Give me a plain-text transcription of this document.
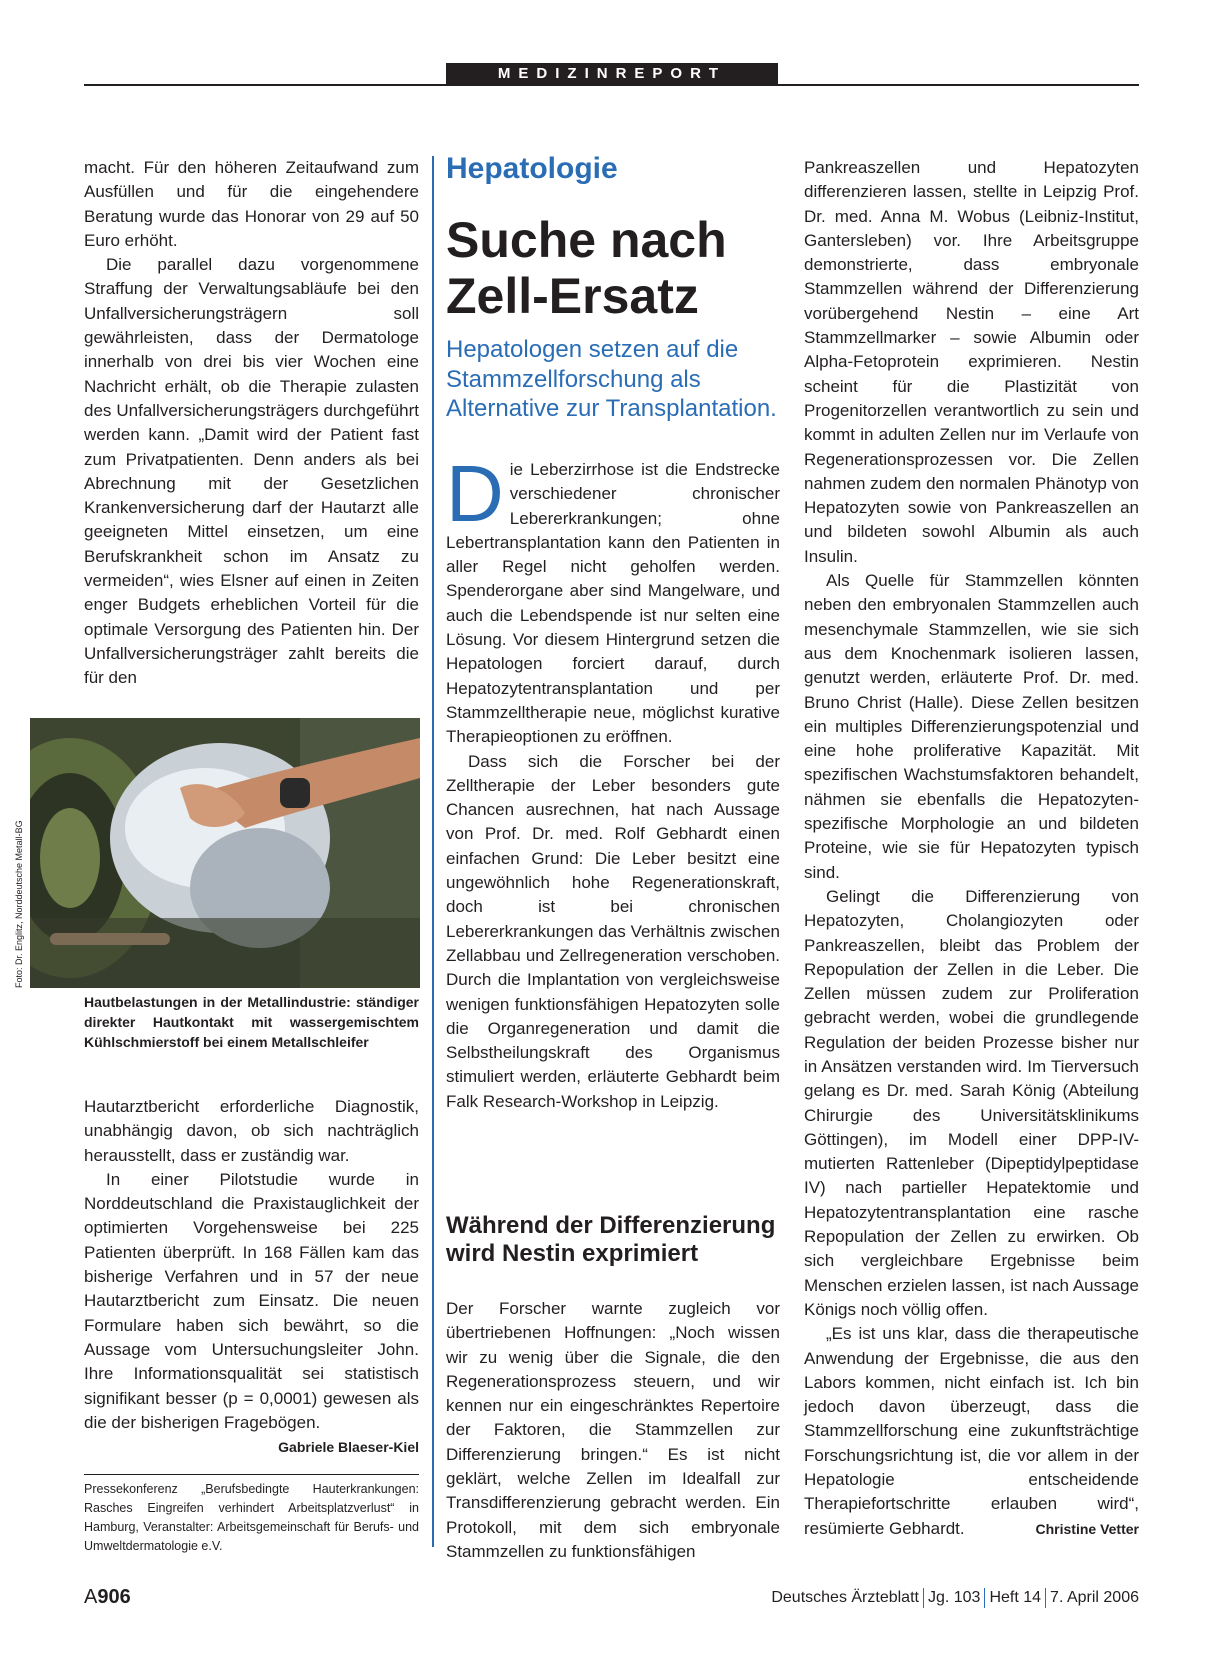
MEDIZINREPORT

macht. Für den höheren Zeitaufwand zum Ausfüllen und für die eingehendere Beratung wurde das Honorar von 29 auf 50 Euro erhöht.

Die parallel dazu vorgenommene Straffung der Verwaltungsabläufe bei den Unfallversicherungsträgern soll gewährleisten, dass der Dermatologe innerhalb von drei bis vier Wochen eine Nachricht erhält, ob die Therapie zulasten des Unfallversicherungsträgers durchgeführt werden kann. „Damit wird der Patient fast zum Privatpatienten. Denn anders als bei Abrechnung mit der Gesetzlichen Krankenversicherung darf der Hautarzt alle geeigneten Mittel einsetzen, um eine Berufskrankheit schon im Ansatz zu vermeiden“, wies Elsner auf einen in Zeiten enger Budgets erheblichen Vorteil für die optimale Versorgung des Patienten hin. Der Unfallversicherungsträger zahlt bereits die für den

Foto: Dr. Englitz, Norddeutsche Metall-BG
Hautbelastungen in der Metallindustrie: ständiger direkter Hautkontakt mit wassergemischtem Kühlschmierstoff bei einem Metallschleifer

Hautarztbericht erforderliche Diagnostik, unabhängig davon, ob sich nachträglich herausstellt, dass er zuständig war.

In einer Pilotstudie wurde in Norddeutschland die Praxistauglichkeit der optimierten Vorgehensweise bei 225 Patienten überprüft. In 168 Fällen kam das bisherige Verfahren und in 57 der neue Hautarztbericht zum Einsatz. Die neuen Formulare haben sich bewährt, so die Aussage vom Untersuchungsleiter John. Ihre Informationsqualität sei statistisch signifikant besser (p = 0,0001) gewesen als die der bisherigen Fragebögen.
Gabriele Blaeser-Kiel

Pressekonferenz „Berufsbedingte Hauterkrankungen: Rasches Eingreifen verhindert Arbeitsplatzverlust“ in Hamburg, Veranstalter: Arbeitsgemeinschaft für Berufs- und Umweltdermatologie e.V.
Hepatologie
Suche nach Zell-Ersatz
Hepatologen setzen auf die Stammzellforschung als Alternative zur Transplantation.

Die Leberzirrhose ist die Endstrecke verschiedener chronischer Lebererkrankungen; ohne Lebertransplantation kann den Patienten in aller Regel nicht geholfen werden. Spenderorgane aber sind Mangelware, und auch die Lebendspende ist nur selten eine Lösung. Vor diesem Hintergrund setzen die Hepatologen forciert darauf, durch Hepatozytentransplantation und per Stammzelltherapie neue, möglichst kurative Therapieoptionen zu eröffnen.

Dass sich die Forscher bei der Zelltherapie der Leber besonders gute Chancen ausrechnen, hat nach Aussage von Prof. Dr. med. Rolf Gebhardt einen einfachen Grund: Die Leber besitzt eine ungewöhnlich hohe Regenerationskraft, doch ist bei chronischen Lebererkrankungen das Verhältnis zwischen Zellabbau und Zellregeneration verschoben. Durch die Implantation von vergleichsweise wenigen funktionsfähigen Hepatozyten solle die Organregeneration und damit die Selbstheilungskraft des Organismus stimuliert werden, erläuterte Gebhardt beim Falk Research-Workshop in Leipzig.

Während der Differenzierung wird Nestin exprimiert

Der Forscher warnte zugleich vor übertriebenen Hoffnungen: „Noch wissen wir zu wenig über die Signale, die den Regenerationsprozess steuern, und wir kennen nur ein eingeschränktes Repertoire der Faktoren, die Stammzellen zur Differenzierung bringen.“ Es ist nicht geklärt, welche Zellen im Idealfall zur Transdifferenzierung gebracht werden. Ein Protokoll, mit dem sich embryonale Stammzellen zu funktionsfähigen

Pankreaszellen und Hepatozyten differenzieren lassen, stellte in Leipzig Prof. Dr. med. Anna M. Wobus (Leibniz-Institut, Gantersleben) vor. Ihre Arbeitsgruppe demonstrierte, dass embryonale Stammzellen während der Differenzierung vorübergehend Nestin – eine Art Stammzellmarker – sowie Albumin oder Alpha-Fetoprotein exprimieren. Nestin scheint für die Plastizität von Progenitorzellen verantwortlich zu sein und kommt in adulten Zellen nur im Verlaufe von Regenerationsprozessen vor. Die Zellen nahmen zudem den normalen Phänotyp von Hepatozyten sowie von Pankreaszellen an und bildeten sowohl Albumin als auch Insulin.

Als Quelle für Stammzellen könnten neben den embryonalen Stammzellen auch mesenchymale Stammzellen, wie sie sich aus dem Knochenmark isolieren lassen, genutzt werden, erläuterte Prof. Dr. med. Bruno Christ (Halle). Diese Zellen besitzen ein multiples Differenzierungspotenzial und eine hohe proliferative Kapazität. Mit spezifischen Wachstumsfaktoren behandelt, nähmen sie ebenfalls die Hepatozyten-spezifische Morphologie an und bildeten Proteine, wie sie für Hepatozyten typisch sind.

Gelingt die Differenzierung von Hepatozyten, Cholangiozyten oder Pankreaszellen, bleibt das Problem der Repopulation der Zellen in die Leber. Die Zellen müssen zudem zur Proliferation gebracht werden, wobei die grundlegende Regulation der beiden Prozesse bisher nur in Ansätzen verstanden wird. Im Tierversuch gelang es Dr. med. Sarah König (Abteilung Chirurgie des Universitätsklinikums Göttingen), im Modell einer DPP-IV-mutierten Rattenleber (Dipeptidylpeptidase IV) nach partieller Hepatektomie und Hepatozytentransplantation eine rasche Repopulation der Zellen zu erwirken. Ob sich vergleichbare Ergebnisse beim Menschen erzielen lassen, ist nach Aussage Königs noch völlig offen.

„Es ist uns klar, dass die therapeutische Anwendung der Ergebnisse, die aus den Labors kommen, nicht einfach ist. Ich bin jedoch davon überzeugt, dass die Stammzellforschung eine zukunftsträchtige Forschungsrichtung ist, die vor allem in der Hepatologie entscheidende Therapiefortschritte erlauben wird“, resümierte Gebhardt.	Christine Vetter

A906	Deutsches Ärzteblatt Jg. 103 Heft 14 7. April 2006
